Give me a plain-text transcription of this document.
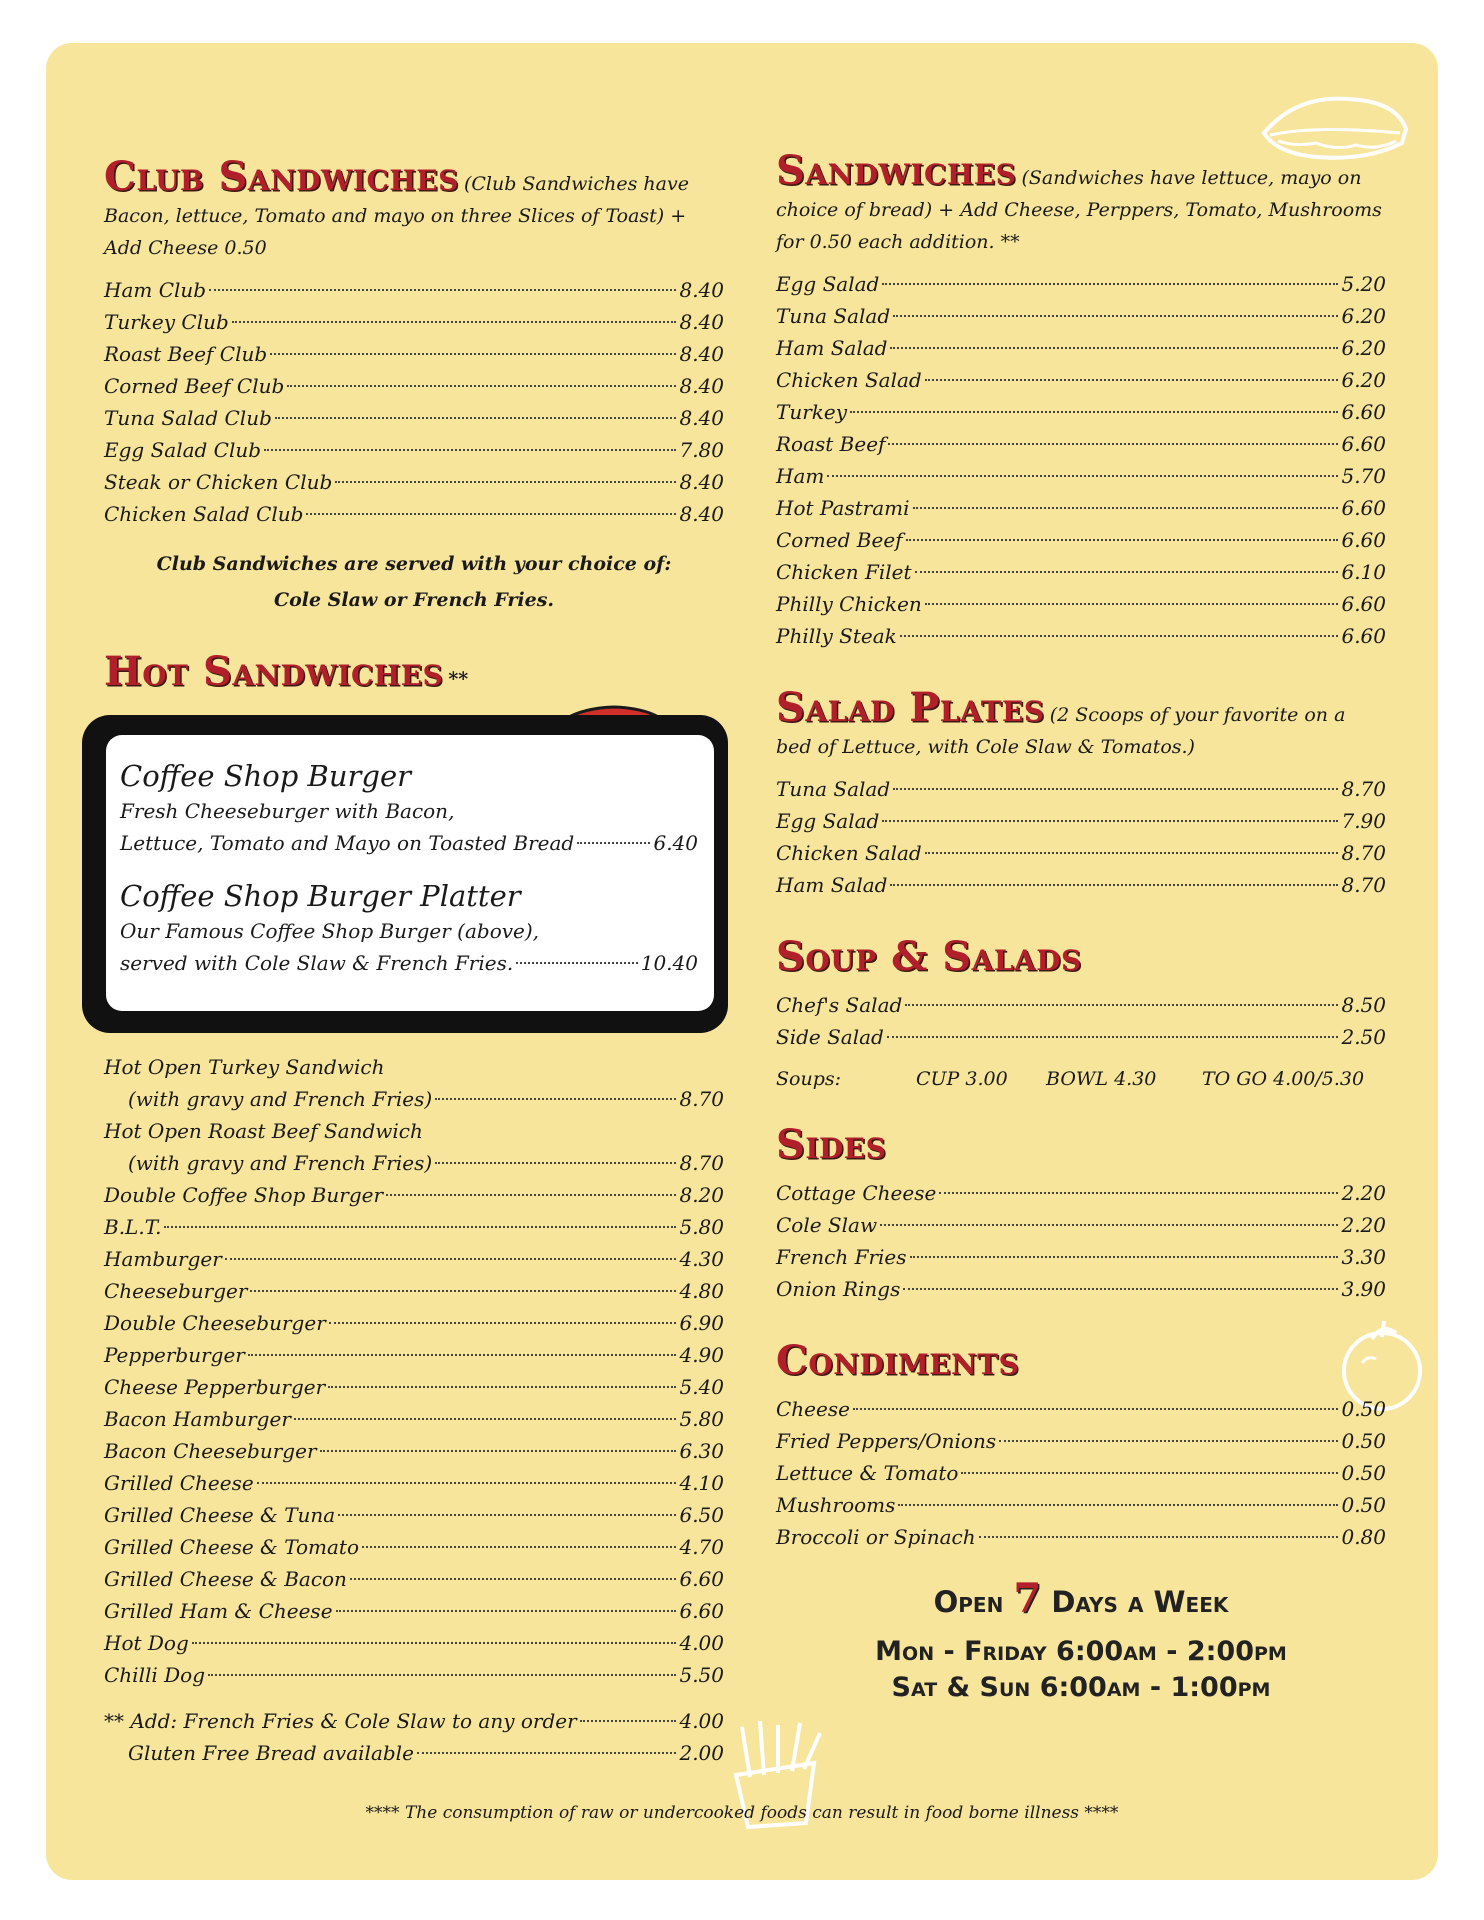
Club Sandwiches (Club Sandwiches have Bacon, lettuce, Tomato and mayo on three Slices of Toast) + Add Cheese 0.50
Ham Club	8.40
Turkey Club	8.40
Roast Beef Club	8.40
Corned Beef Club	8.40
Tuna Salad Club	8.40
Egg Salad Club	7.80
Steak or Chicken Club	8.40
Chicken Salad Club	8.40
Club Sandwiches are served with your choice of:
Cole Slaw or French Fries.
Hot Sandwiches **
Coffee Shop Burger
Fresh Cheeseburger with Bacon,
Lettuce, Tomato and Mayo on Toasted Bread	6.40
Coffee Shop Burger Platter
Our Famous Coffee Shop Burger (above),
served with Cole Slaw & French Fries.	10.40
Hot Open Turkey Sandwich
(with gravy and French Fries)	8.70
Hot Open Roast Beef Sandwich
(with gravy and French Fries)	8.70
Double Coffee Shop Burger	8.20
B.L.T.	5.80
Hamburger	4.30
Cheeseburger	4.80
Double Cheeseburger	6.90
Pepperburger	4.90
Cheese Pepperburger	5.40
Bacon Hamburger	5.80
Bacon Cheeseburger	6.30
Grilled Cheese	4.10
Grilled Cheese & Tuna	6.50
Grilled Cheese & Tomato	4.70
Grilled Cheese & Bacon	6.60
Grilled Ham & Cheese	6.60
Hot Dog	4.00
Chilli Dog	5.50
** Add: French Fries & Cole Slaw to any order	4.00
Gluten Free Bread available	2.00
Sandwiches (Sandwiches have lettuce, mayo on choice of bread) + Add Cheese, Perppers, Tomato, Mushrooms for 0.50 each addition. **
Egg Salad	5.20
Tuna Salad	6.20
Ham Salad	6.20
Chicken Salad	6.20
Turkey	6.60
Roast Beef	6.60
Ham	5.70
Hot Pastrami	6.60
Corned Beef	6.60
Chicken Filet	6.10
Philly Chicken	6.60
Philly Steak	6.60
Salad Plates (2 Scoops of your favorite on a bed of Lettuce, with Cole Slaw & Tomatos.)
Tuna Salad	8.70
Egg Salad	7.90
Chicken Salad	8.70
Ham Salad	8.70
Soup & Salads
Chef's Salad	8.50
Side Salad	2.50
Soups:	CUP 3.00	BOWL 4.30	TO GO 4.00/5.30
Sides
Cottage Cheese	2.20
Cole Slaw	2.20
French Fries	3.30
Onion Rings	3.90
Condiments
Cheese	0.50
Fried Peppers/Onions	0.50
Lettuce & Tomato	0.50
Mushrooms	0.50
Broccoli or Spinach	0.80
Open 7 Days a Week
Mon - Friday 6:00am - 2:00pm
Sat & Sun 6:00am - 1:00pm
**** The consumption of raw or undercooked foods can result in food borne illness ****
